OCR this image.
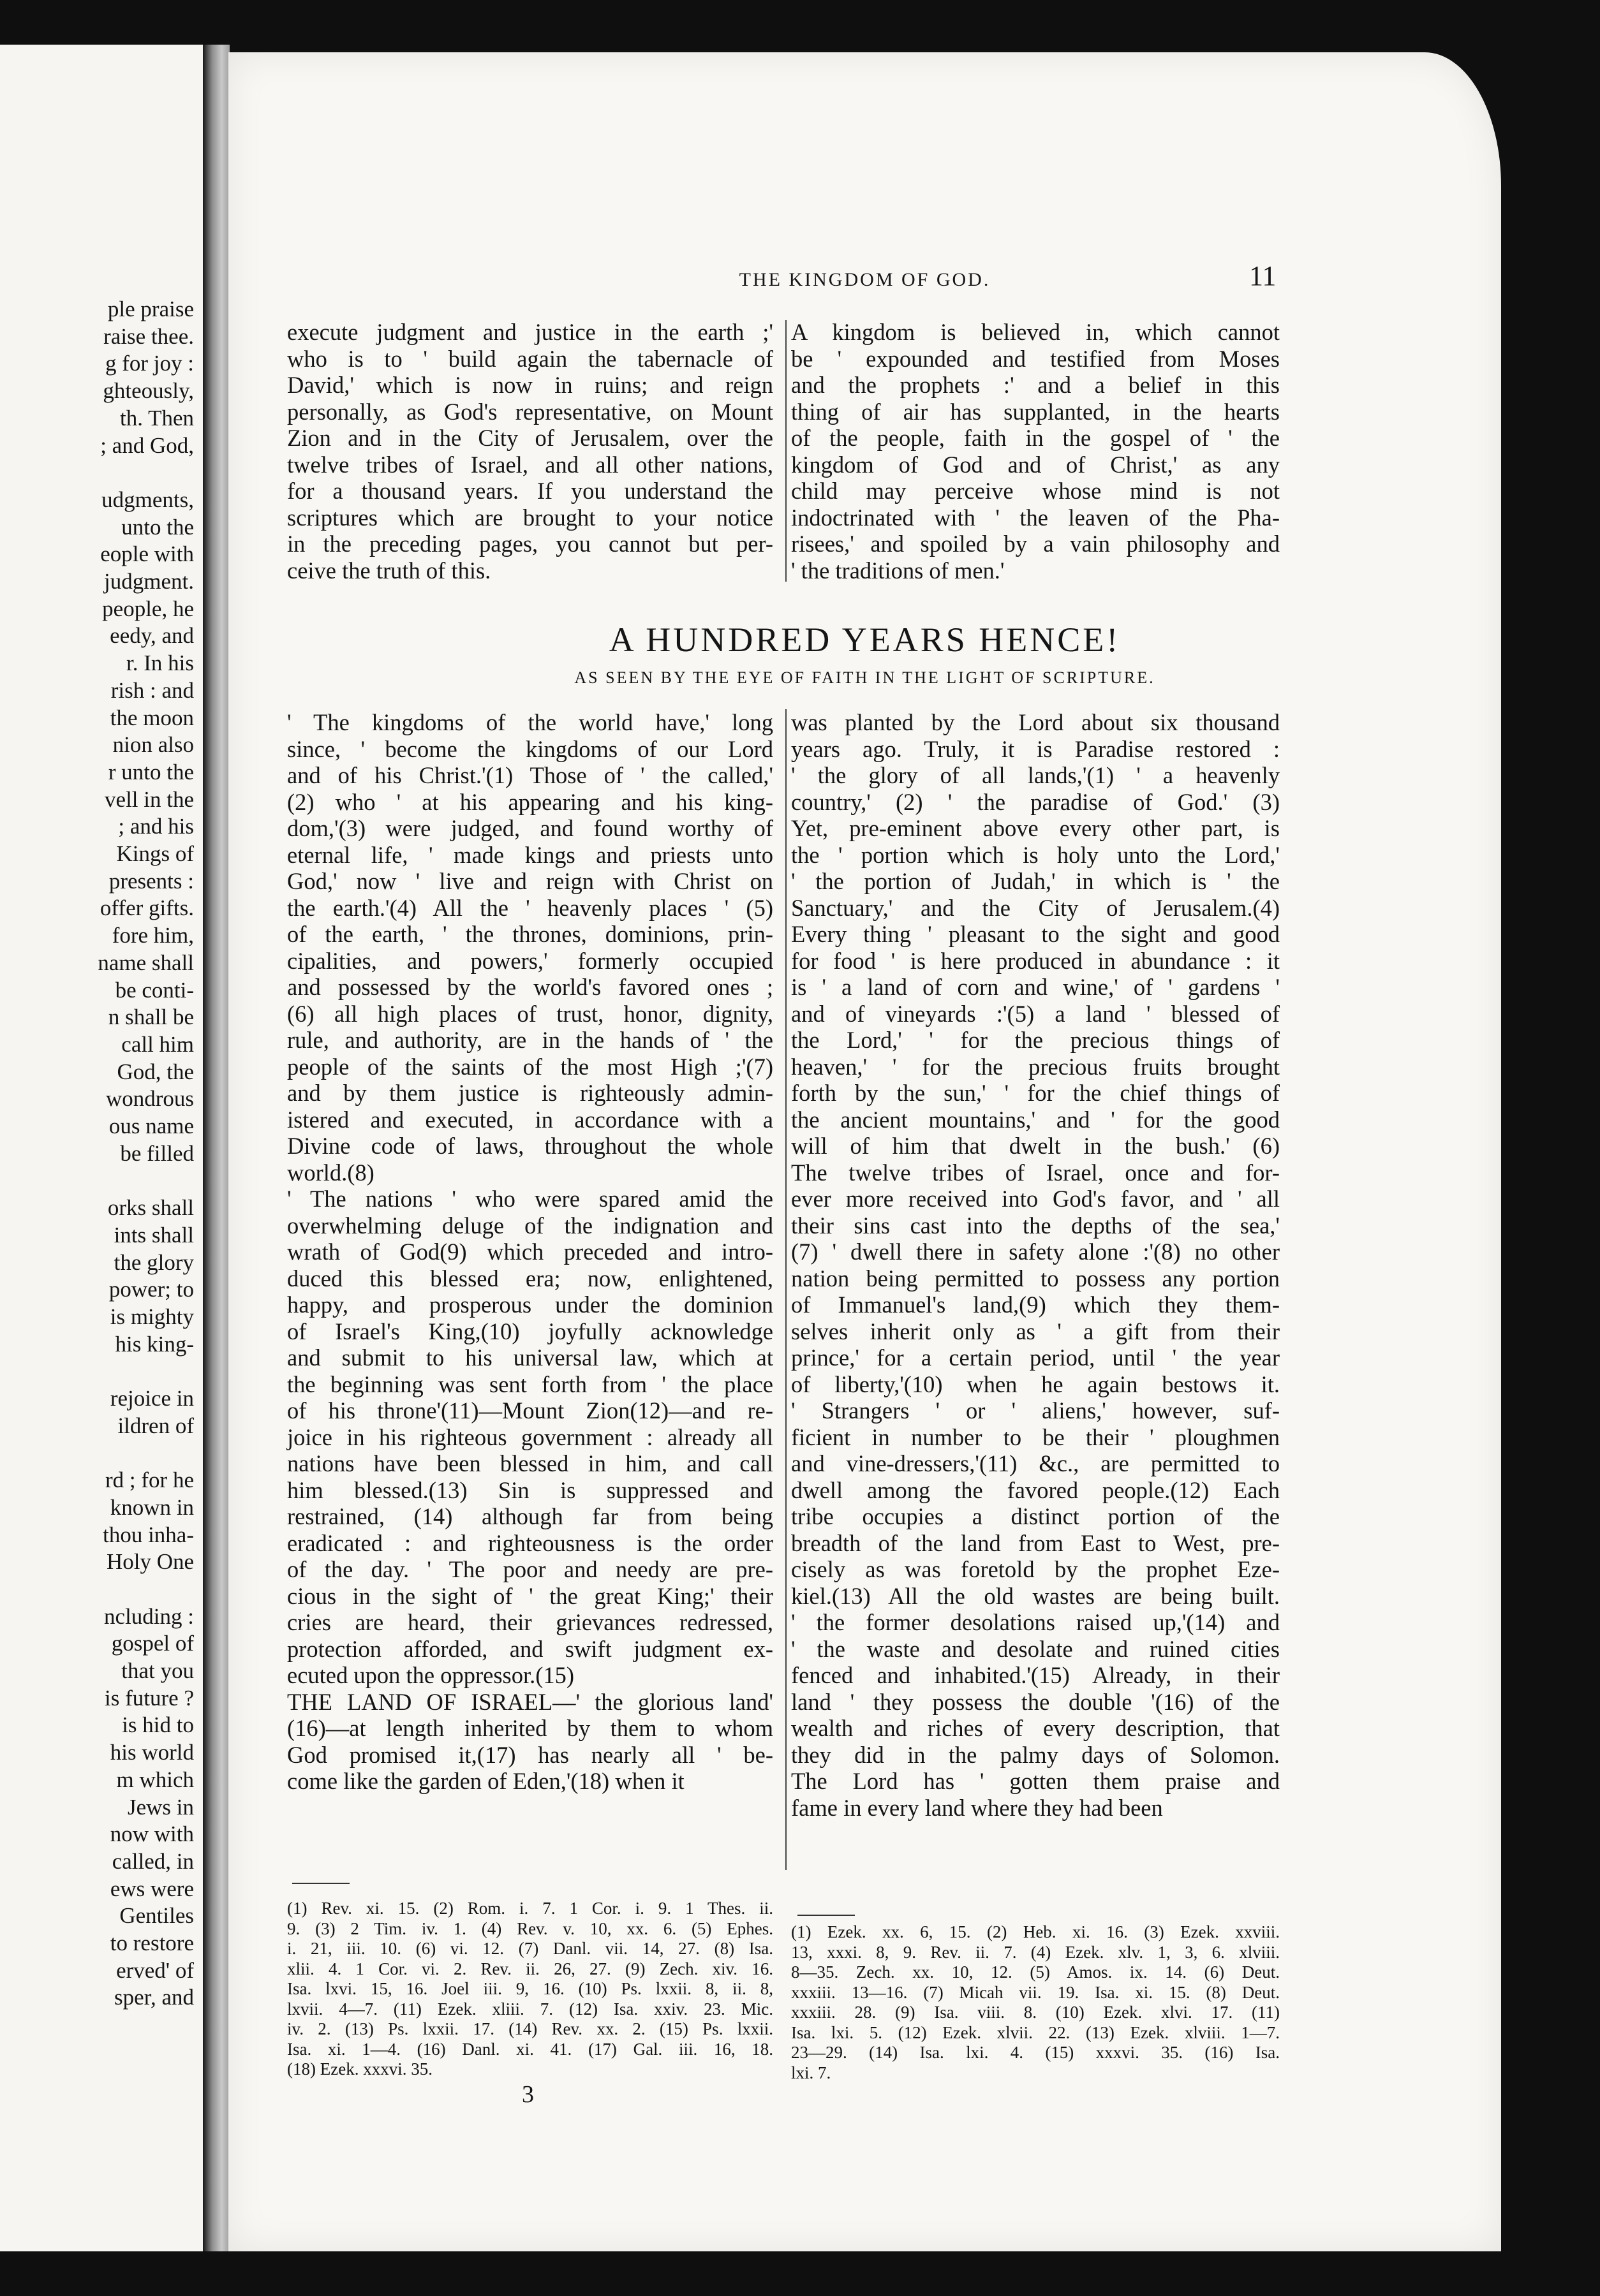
ple praise
raise thee.
g for joy :
ghteously,
th. Then
; and God,
udgments,
unto the
eople with
judgment.
people, he
eedy, and
r. In his
rish : and
the moon
nion also
r unto the
vell in the
; and his
Kings of
presents :
offer gifts.
fore him,
name shall
be conti-
n shall be
call him
God, the
wondrous
ous name
be filled
orks shall
ints shall
the glory
power; to
is mighty
his king-
rejoice in
ildren of
rd ; for he
known in
thou inha-
Holy One
ncluding :
gospel of
that you
is future ?
is hid to
his world
m which
Jews in
now with
called, in
ews were
Gentiles
to restore
erved' of
sper, and
THE KINGDOM OF GOD.	11
execute judgment and justice in the earth ;'
who is to ' build again the tabernacle of
David,' which is now in ruins; and reign
personally, as God's representative, on Mount
Zion and in the City of Jerusalem, over the
twelve tribes of Israel, and all other nations,
for a thousand years. If you understand the
scriptures which are brought to your notice
in the preceding pages, you cannot but per-
ceive the truth of this.
A kingdom is believed in, which cannot
be ' expounded and testified from Moses
and the prophets :' and a belief in this
thing of air has supplanted, in the hearts
of the people, faith in the gospel of ' the
kingdom of God and of Christ,' as any
child may perceive whose mind is not
indoctrinated with ' the leaven of the Pha-
risees,' and spoiled by a vain philosophy and
' the traditions of men.'
A HUNDRED YEARS HENCE!
AS SEEN BY THE EYE OF FAITH IN THE LIGHT OF SCRIPTURE.
' The kingdoms of the world have,' long
since, ' become the kingdoms of our Lord
and of his Christ.'(1) Those of ' the called,'
(2) who ' at his appearing and his king-
dom,'(3) were judged, and found worthy of
eternal life, ' made kings and priests unto
God,' now ' live and reign with Christ on
the earth.'(4) All the ' heavenly places ' (5)
of the earth, ' the thrones, dominions, prin-
cipalities, and powers,' formerly occupied
and possessed by the world's favored ones ;
(6) all high places of trust, honor, dignity,
rule, and authority, are in the hands of ' the
people of the saints of the most High ;'(7)
and by them justice is righteously admin-
istered and executed, in accordance with a
Divine code of laws, throughout the whole
world.(8)
' The nations ' who were spared amid the
overwhelming deluge of the indignation and
wrath of God(9) which preceded and intro-
duced this blessed era; now, enlightened,
happy, and prosperous under the dominion
of Israel's King,(10) joyfully acknowledge
and submit to his universal law, which at
the beginning was sent forth from ' the place
of his throne'(11)—Mount Zion(12)—and re-
joice in his righteous government : already all
nations have been blessed in him, and call
him blessed.(13) Sin is suppressed and
restrained, (14) although far from being
eradicated : and righteousness is the order
of the day. ' The poor and needy are pre-
cious in the sight of ' the great King;' their
cries are heard, their grievances redressed,
protection afforded, and swift judgment ex-
ecuted upon the oppressor.(15)
THE LAND OF ISRAEL—' the glorious land'
(16)—at length inherited by them to whom
God promised it,(17) has nearly all ' be-
come like the garden of Eden,'(18) when it
was planted by the Lord about six thousand
years ago. Truly, it is Paradise restored :
' the glory of all lands,'(1) ' a heavenly
country,' (2) ' the paradise of God.' (3)
Yet, pre-eminent above every other part, is
the ' portion which is holy unto the Lord,'
' the portion of Judah,' in which is ' the
Sanctuary,' and the City of Jerusalem.(4)
Every thing ' pleasant to the sight and good
for food ' is here produced in abundance : it
is ' a land of corn and wine,' of ' gardens '
and of vineyards :'(5) a land ' blessed of
the Lord,' ' for the precious things of
heaven,' ' for the precious fruits brought
forth by the sun,' ' for the chief things of
the ancient mountains,' and ' for the good
will of him that dwelt in the bush.' (6)
The twelve tribes of Israel, once and for-
ever more received into God's favor, and ' all
their sins cast into the depths of the sea,'
(7) ' dwell there in safety alone :'(8) no other
nation being permitted to possess any portion
of Immanuel's land,(9) which they them-
selves inherit only as ' a gift from their
prince,' for a certain period, until ' the year
of liberty,'(10) when he again bestows it.
' Strangers ' or ' aliens,' however, suf-
ficient in number to be their ' ploughmen
and vine-dressers,'(11) &c., are permitted to
dwell among the favored people.(12) Each
tribe occupies a distinct portion of the
breadth of the land from East to West, pre-
cisely as was foretold by the prophet Eze-
kiel.(13) All the old wastes are being built.
' the former desolations raised up,'(14) and
' the waste and desolate and ruined cities
fenced and inhabited.'(15) Already, in their
land ' they possess the double '(16) of the
wealth and riches of every description, that
they did in the palmy days of Solomon.
The Lord has ' gotten them praise and
fame in every land where they had been
(1) Rev. xi. 15. (2) Rom. i. 7. 1 Cor. i. 9. 1 Thes. ii.
9. (3) 2 Tim. iv. 1. (4) Rev. v. 10, xx. 6. (5) Ephes.
i. 21, iii. 10. (6) vi. 12. (7) Danl. vii. 14, 27. (8) Isa.
xlii. 4. 1 Cor. vi. 2. Rev. ii. 26, 27. (9) Zech. xiv. 16.
Isa. lxvi. 15, 16. Joel iii. 9, 16. (10) Ps. lxxii. 8, ii. 8,
lxvii. 4—7. (11) Ezek. xliii. 7. (12) Isa. xxiv. 23. Mic.
iv. 2. (13) Ps. lxxii. 17. (14) Rev. xx. 2. (15) Ps. lxxii.
Isa. xi. 1—4. (16) Danl. xi. 41. (17) Gal. iii. 16, 18.
(18) Ezek. xxxvi. 35.
(1) Ezek. xx. 6, 15. (2) Heb. xi. 16. (3) Ezek. xxviii.
13, xxxi. 8, 9. Rev. ii. 7. (4) Ezek. xlv. 1, 3, 6. xlviii.
8—35. Zech. xx. 10, 12. (5) Amos. ix. 14. (6) Deut.
xxxiii. 13—16. (7) Micah vii. 19. Isa. xi. 15. (8) Deut.
xxxiii. 28. (9) Isa. viii. 8. (10) Ezek. xlvi. 17. (11)
Isa. lxi. 5. (12) Ezek. xlvii. 22. (13) Ezek. xlviii. 1—7.
23—29. (14) Isa. lxi. 4. (15) xxxvi. 35. (16) Isa.
lxi. 7.
3
